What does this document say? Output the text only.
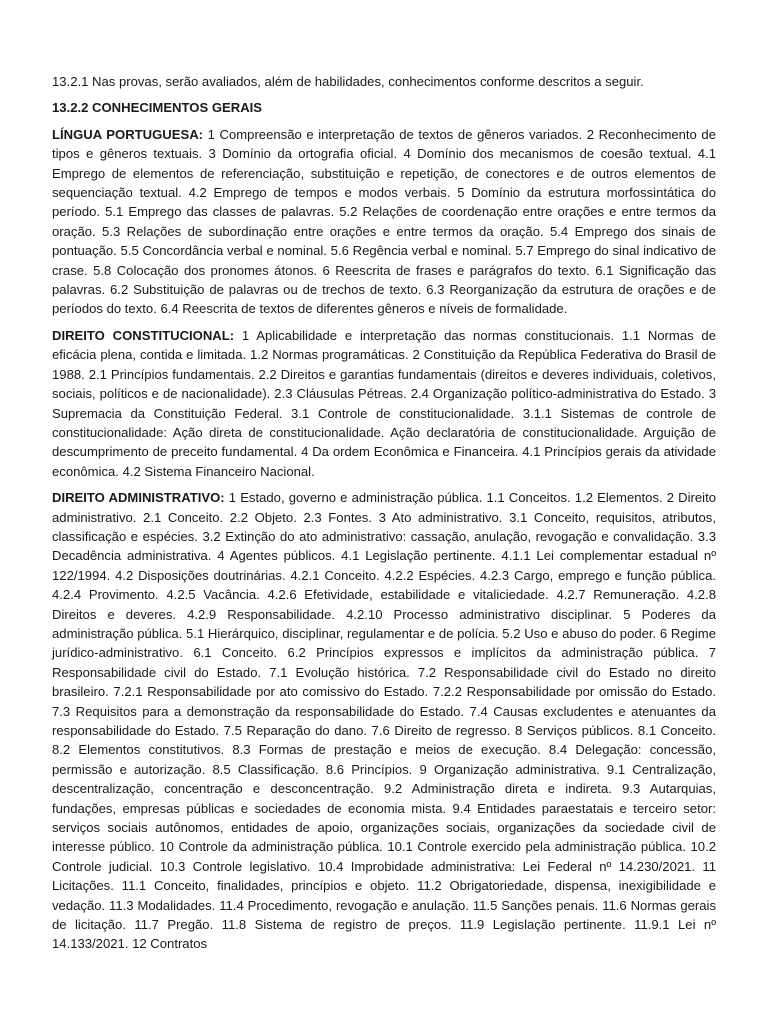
13.2.1 Nas provas, serão avaliados, além de habilidades, conhecimentos conforme descritos a seguir.

13.2.2 CONHECIMENTOS GERAIS

LÍNGUA PORTUGUESA: 1 Compreensão e interpretação de textos de gêneros variados. 2 Reconhecimento de tipos e gêneros textuais. 3 Domínio da ortografia oficial. 4 Domínio dos mecanismos de coesão textual. 4.1 Emprego de elementos de referenciação, substituição e repetição, de conectores e de outros elementos de sequenciação textual. 4.2 Emprego de tempos e modos verbais. 5 Domínio da estrutura morfossintática do período. 5.1 Emprego das classes de palavras. 5.2 Relações de coordenação entre orações e entre termos da oração. 5.3 Relações de subordinação entre orações e entre termos da oração. 5.4 Emprego dos sinais de pontuação. 5.5 Concordância verbal e nominal. 5.6 Regência verbal e nominal. 5.7 Emprego do sinal indicativo de crase. 5.8 Colocação dos pronomes átonos. 6 Reescrita de frases e parágrafos do texto. 6.1 Significação das palavras. 6.2 Substituição de palavras ou de trechos de texto. 6.3 Reorganização da estrutura de orações e de períodos do texto. 6.4 Reescrita de textos de diferentes gêneros e níveis de formalidade.

DIREITO CONSTITUCIONAL: 1 Aplicabilidade e interpretação das normas constitucionais. 1.1 Normas de eficácia plena, contida e limitada. 1.2 Normas programáticas. 2 Constituição da República Federativa do Brasil de 1988. 2.1 Princípios fundamentais. 2.2 Direitos e garantias fundamentais (direitos e deveres individuais, coletivos, sociais, políticos e de nacionalidade). 2.3 Cláusulas Pétreas. 2.4 Organização político-administrativa do Estado. 3 Supremacia da Constituição Federal. 3.1 Controle de constitucionalidade. 3.1.1 Sistemas de controle de constitucionalidade: Ação direta de constitucionalidade. Ação declaratória de constitucionalidade. Arguição de descumprimento de preceito fundamental. 4 Da ordem Econômica e Financeira. 4.1 Princípios gerais da atividade econômica. 4.2 Sistema Financeiro Nacional.

DIREITO ADMINISTRATIVO: 1 Estado, governo e administração pública. 1.1 Conceitos. 1.2 Elementos. 2 Direito administrativo. 2.1 Conceito. 2.2 Objeto. 2.3 Fontes. 3 Ato administrativo. 3.1 Conceito, requisitos, atributos, classificação e espécies. 3.2 Extinção do ato administrativo: cassação, anulação, revogação e convalidação. 3.3 Decadência administrativa. 4 Agentes públicos. 4.1 Legislação pertinente. 4.1.1 Lei complementar estadual nº 122/1994. 4.2 Disposições doutrinárias. 4.2.1 Conceito. 4.2.2 Espécies. 4.2.3 Cargo, emprego e função pública. 4.2.4 Provimento. 4.2.5 Vacância. 4.2.6 Efetividade, estabilidade e vitaliciedade. 4.2.7 Remuneração. 4.2.8 Direitos e deveres. 4.2.9 Responsabilidade. 4.2.10 Processo administrativo disciplinar. 5 Poderes da administração pública. 5.1 Hierárquico, disciplinar, regulamentar e de polícia. 5.2 Uso e abuso do poder. 6 Regime jurídico-administrativo. 6.1 Conceito. 6.2 Princípios expressos e implícitos da administração pública. 7 Responsabilidade civil do Estado. 7.1 Evolução histórica. 7.2 Responsabilidade civil do Estado no direito brasileiro. 7.2.1 Responsabilidade por ato comissivo do Estado. 7.2.2 Responsabilidade por omissão do Estado. 7.3 Requisitos para a demonstração da responsabilidade do Estado. 7.4 Causas excludentes e atenuantes da responsabilidade do Estado. 7.5 Reparação do dano. 7.6 Direito de regresso. 8 Serviços públicos. 8.1 Conceito. 8.2 Elementos constitutivos. 8.3 Formas de prestação e meios de execução. 8.4 Delegação: concessão, permissão e autorização. 8.5 Classificação. 8.6 Princípios. 9 Organização administrativa. 9.1 Centralização, descentralização, concentração e desconcentração. 9.2 Administração direta e indireta. 9.3 Autarquias, fundações, empresas públicas e sociedades de economia mista. 9.4 Entidades paraestatais e terceiro setor: serviços sociais autônomos, entidades de apoio, organizações sociais, organizações da sociedade civil de interesse público. 10 Controle da administração pública. 10.1 Controle exercido pela administração pública. 10.2 Controle judicial. 10.3 Controle legislativo. 10.4 Improbidade administrativa: Lei Federal nº 14.230/2021. 11 Licitações. 11.1 Conceito, finalidades, princípios e objeto. 11.2 Obrigatoriedade, dispensa, inexigibilidade e vedação. 11.3 Modalidades. 11.4 Procedimento, revogação e anulação. 11.5 Sanções penais. 11.6 Normas gerais de licitação. 11.7 Pregão. 11.8 Sistema de registro de preços. 11.9 Legislação pertinente. 11.9.1 Lei nº 14.133/2021. 12 Contratos
